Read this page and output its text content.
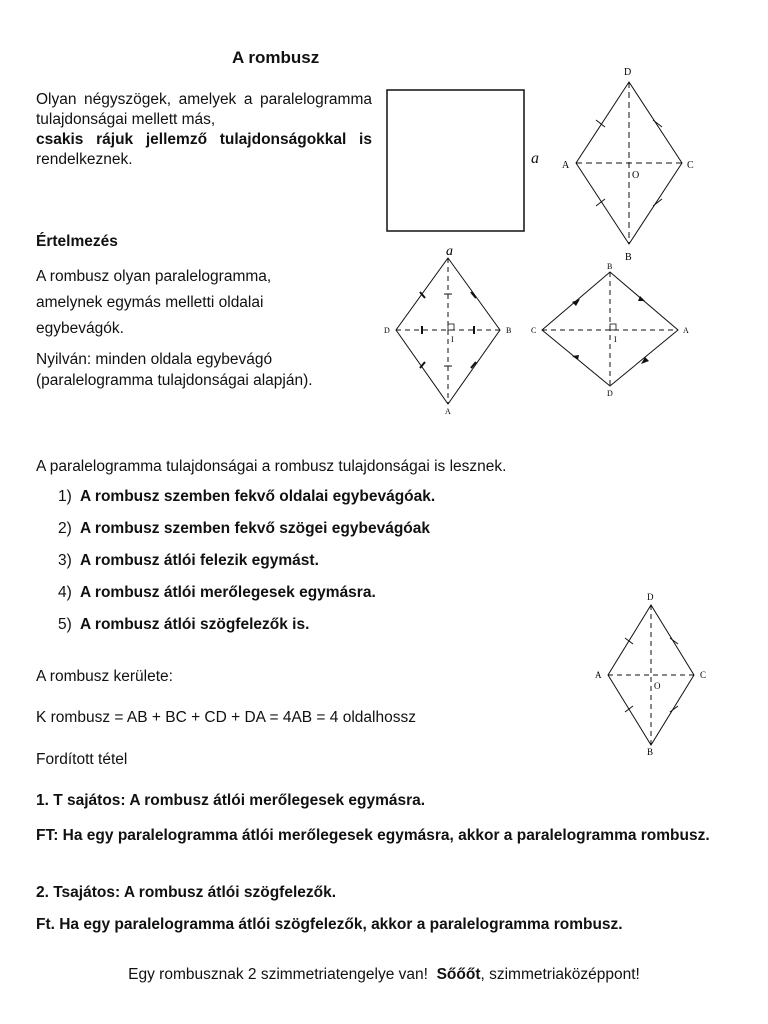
A rombusz
Olyan négyszögek, amelyek a paralelogramma tulajdonságai mellett más,
csakis rájuk jellemző tulajdonságokkal is
rendelkeznek.
Értelmezés
A rombusz olyan paralelogramma, amelynek egymás melletti oldalai egybevágók.
Nyilván: minden oldala egybevágó (paralelogramma tulajdonságai alapján).
A paralelogramma tulajdonságai a rombusz tulajdonságai is lesznek.
1) A rombusz szemben fekvő oldalai egybevágóak.
2) A rombusz szemben fekvő szögei egybevágóak
3) A rombusz átlói felezik egymást.
4) A rombusz átlói merőlegesek egymásra.
5) A rombusz átlói szögfelezők is.
A rombusz kerülete:
K rombusz = AB + BC + CD + DA = 4AB = 4 oldalhossz
Fordított tétel
1. T sajátos: A rombusz átlói merőlegesek egymásra.
FT: Ha egy paralelogramma átlói merőlegesek egymásra, akkor a paralelogramma rombusz.
2. Tsajátos: A rombusz átlói szögfelezők.
Ft. Ha egy paralelogramma átlói szögfelezők, akkor a paralelogramma rombusz.
Egy rombusznak 2 szimmetriatengelye van! Sőőőt, szimmetriaközéppont!
a
D
A	C
B
O
a
D	B
A
I
B
C	A
D
I
D
A	C
B
O
